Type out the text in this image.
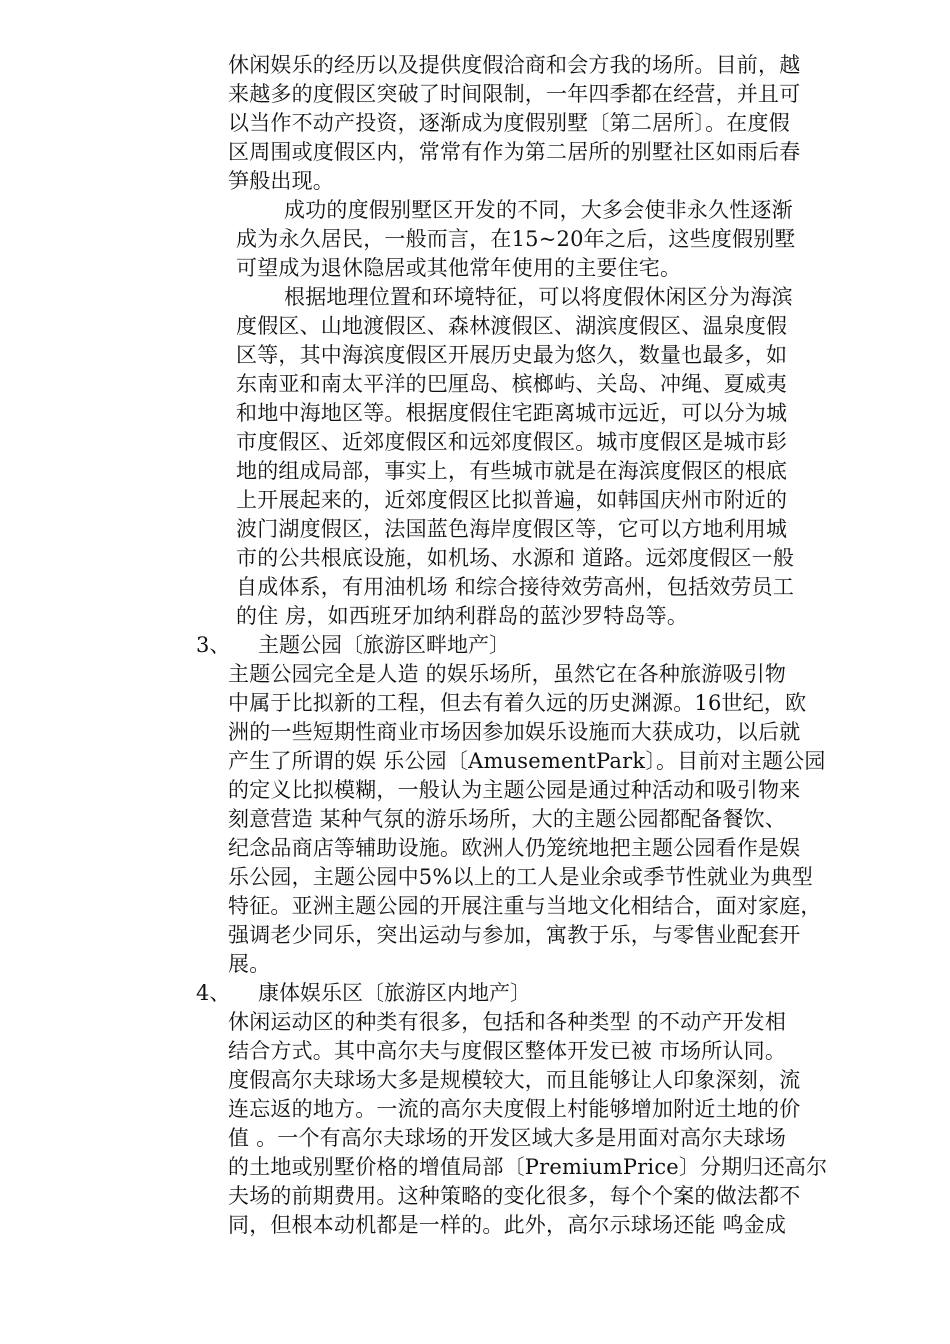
休闲娱乐的经历以及提供度假洽商和会方我的场所。目前，越
来越多的度假区突破了时间限制，一年四季都在经营，并且可
以当作不动产投资，逐渐成为度假别墅〔第二居所〕。在度假
区周围或度假区内，常常有作为第二居所的别墅社区如雨后春
笋般出现。
成功的度假别墅区开发的不同，大多会使非永久性逐渐
成为永久居民，一般而言，在15~20年之后，这些度假别墅
可望成为退休隐居或其他常年使用的主要住宅。
根据地理位置和环境特征，可以将度假休闲区分为海滨
度假区、山地渡假区、森林渡假区、湖滨度假区、温泉度假
区等，其中海滨度假区开展历史最为悠久，数量也最多，如
东南亚和南太平洋的巴厘岛、槟榔屿、关岛、冲绳、夏威夷
和地中海地区等。根据度假住宅距离城市远近，可以分为城
市度假区、近郊度假区和远郊度假区。城市度假区是城市髟
地的组成局部，事实上，有些城市就是在海滨度假区的根底
上开展起来的，近郊度假区比拟普遍，如韩国庆州市附近的
波门湖度假区，法国蓝色海岸度假区等，它可以方地利用城
市的公共根底设施，如机场、水源和 道路。远郊度假区一般
自成体系，有用油机场 和综合接待效劳高州，包括效劳员工
的住 房，如西班牙加纳利群岛的蓝沙罗特岛等。
3、 主题公园〔旅游区畔地产〕
主题公园完全是人造 的娱乐场所，虽然它在各种旅游吸引物
中属于比拟新的工程，但去有着久远的历史渊源。16世纪，欧
洲的一些短期性商业市场因参加娱乐设施而大获成功，以后就
产生了所谓的娱 乐公园〔AmusementPark〕。目前对主题公园
的定义比拟模糊，一般认为主题公园是通过种活动和吸引物来
刻意营造 某种气氛的游乐场所，大的主题公园都配备餐饮、
纪念品商店等辅助设施。欧洲人仍笼统地把主题公园看作是娱
乐公园，主题公园中5%以上的工人是业余或季节性就业为典型
特征。亚洲主题公园的开展注重与当地文化相结合，面对家庭，
强调老少同乐，突出运动与参加，寓教于乐，与零售业配套开
展。
4、 康体娱乐区〔旅游区内地产〕
休闲运动区的种类有很多，包括和各种类型 的不动产开发相
结合方式。其中高尔夫与度假区整体开发已被 市场所认同。
度假高尔夫球场大多是规模较大，而且能够让人印象深刻，流
连忘返的地方。一流的高尔夫度假上村能够增加附近土地的价
值 。一个有高尔夫球场的开发区域大多是用面对高尔夫球场
的土地或别墅价格的增值局部〔PremiumPrice〕分期归还高尔
夫场的前期费用。这种策略的变化很多，每个个案的做法都不
同，但根本动机都是一样的。此外，高尔示球场还能 鸣金成
